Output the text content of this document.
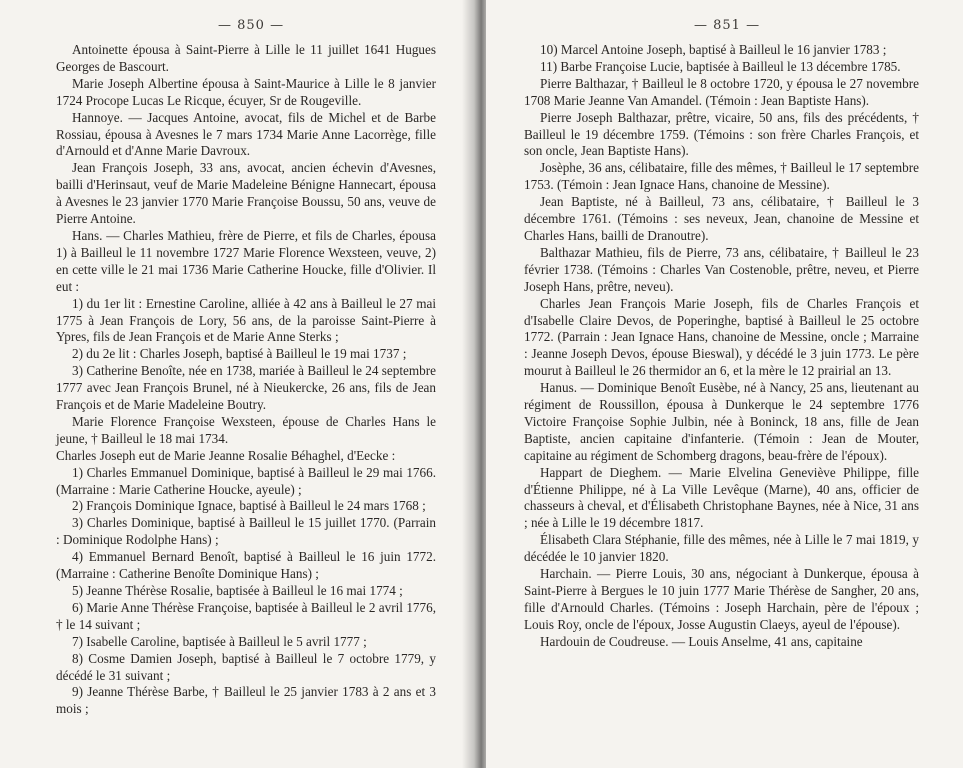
— 850 —

Antoinette épousa à Saint-Pierre à Lille le 11 juillet 1641 Hugues Georges de Bascourt.

Marie Joseph Albertine épousa à Saint-Maurice à Lille le 8 janvier 1724 Procope Lucas Le Ricque, écuyer, Sr de Rougeville.

Hannoye. — Jacques Antoine, avocat, fils de Michel et de Barbe Rossiau, épousa à Avesnes le 7 mars 1734 Marie Anne Lacorrège, fille d'Arnould et d'Anne Marie Davroux.

Jean François Joseph, 33 ans, avocat, ancien échevin d'Avesnes, bailli d'Herinsaut, veuf de Marie Madeleine Bénigne Hannecart, épousa à Avesnes le 23 janvier 1770 Marie Françoise Boussu, 50 ans, veuve de Pierre Antoine.

Hans. — Charles Mathieu, frère de Pierre, et fils de Charles, épousa 1) à Bailleul le 11 novembre 1727 Marie Florence Wexsteen, veuve, 2) en cette ville le 21 mai 1736 Marie Catherine Houcke, fille d'Olivier. Il eut :

1) du 1er lit : Ernestine Caroline, alliée à 42 ans à Bailleul le 27 mai 1775 à Jean François de Lory, 56 ans, de la paroisse Saint-Pierre à Ypres, fils de Jean François et de Marie Anne Sterks ;

2) du 2e lit : Charles Joseph, baptisé à Bailleul le 19 mai 1737 ;

3) Catherine Benoîte, née en 1738, mariée à Bailleul le 24 septembre 1777 avec Jean François Brunel, né à Nieukercke, 26 ans, fils de Jean François et de Marie Madeleine Boutry.

Marie Florence Françoise Wexsteen, épouse de Charles Hans le jeune, † Bailleul le 18 mai 1734.

Charles Joseph eut de Marie Jeanne Rosalie Béhaghel, d'Eecke :

1) Charles Emmanuel Dominique, baptisé à Bailleul le 29 mai 1766. (Marraine : Marie Catherine Houcke, ayeule) ;

2) François Dominique Ignace, baptisé à Bailleul le 24 mars 1768 ;

3) Charles Dominique, baptisé à Bailleul le 15 juillet 1770. (Parrain : Dominique Rodolphe Hans) ;

4) Emmanuel Bernard Benoît, baptisé à Bailleul le 16 juin 1772. (Marraine : Catherine Benoîte Dominique Hans) ;

5) Jeanne Thérèse Rosalie, baptisée à Bailleul le 16 mai 1774 ;

6) Marie Anne Thérèse Françoise, baptisée à Bailleul le 2 avril 1776, † le 14 suivant ;

7) Isabelle Caroline, baptisée à Bailleul le 5 avril 1777 ;

8) Cosme Damien Joseph, baptisé à Bailleul le 7 octobre 1779, y décédé le 31 suivant ;

9) Jeanne Thérèse Barbe, † Bailleul le 25 janvier 1783 à 2 ans et 3 mois ;

— 851 —

10) Marcel Antoine Joseph, baptisé à Bailleul le 16 janvier 1783 ;

11) Barbe Françoise Lucie, baptisée à Bailleul le 13 décembre 1785.

Pierre Balthazar, † Bailleul le 8 octobre 1720, y épousa le 27 novembre 1708 Marie Jeanne Van Amandel. (Témoin : Jean Baptiste Hans).

Pierre Joseph Balthazar, prêtre, vicaire, 50 ans, fils des précédents, † Bailleul le 19 décembre 1759. (Témoins : son frère Charles François, et son oncle, Jean Baptiste Hans).

Josèphe, 36 ans, célibataire, fille des mêmes, † Bailleul le 17 septembre 1753. (Témoin : Jean Ignace Hans, chanoine de Messine).

Jean Baptiste, né à Bailleul, 73 ans, célibataire, † Bailleul le 3 décembre 1761. (Témoins : ses neveux, Jean, chanoine de Messine et Charles Hans, bailli de Dranoutre).

Balthazar Mathieu, fils de Pierre, 73 ans, célibataire, † Bailleul le 23 février 1738. (Témoins : Charles Van Costenoble, prêtre, neveu, et Pierre Joseph Hans, prêtre, neveu).

Charles Jean François Marie Joseph, fils de Charles François et d'Isabelle Claire Devos, de Poperinghe, baptisé à Bailleul le 25 octobre 1772. (Parrain : Jean Ignace Hans, chanoine de Messine, oncle ; Marraine : Jeanne Joseph Devos, épouse Bieswal), y décédé le 3 juin 1773. Le père mourut à Bailleul le 26 thermidor an 6, et la mère le 12 prairial an 13.

Hanus. — Dominique Benoît Eusèbe, né à Nancy, 25 ans, lieutenant au régiment de Roussillon, épousa à Dunkerque le 24 septembre 1776 Victoire Françoise Sophie Julbin, née à Boninck, 18 ans, fille de Jean Baptiste, ancien capitaine d'infanterie. (Témoin : Jean de Mouter, capitaine au régiment de Schomberg dragons, beau-frère de l'époux).

Happart de Dieghem. — Marie Elvelina Geneviève Philippe, fille d'Étienne Philippe, né à La Ville Levêque (Marne), 40 ans, officier de chasseurs à cheval, et d'Élisabeth Christophane Baynes, née à Nice, 31 ans ; née à Lille le 19 décembre 1817.

Élisabeth Clara Stéphanie, fille des mêmes, née à Lille le 7 mai 1819, y décédée le 10 janvier 1820.

Harchain. — Pierre Louis, 30 ans, négociant à Dunkerque, épousa à Saint-Pierre à Bergues le 10 juin 1777 Marie Thérèse de Sangher, 20 ans, fille d'Arnould Charles. (Témoins : Joseph Harchain, père de l'époux ; Louis Roy, oncle de l'époux, Josse Augustin Claeys, ayeul de l'épouse).

Hardouin de Coudreuse. — Louis Anselme, 41 ans, capitaine
